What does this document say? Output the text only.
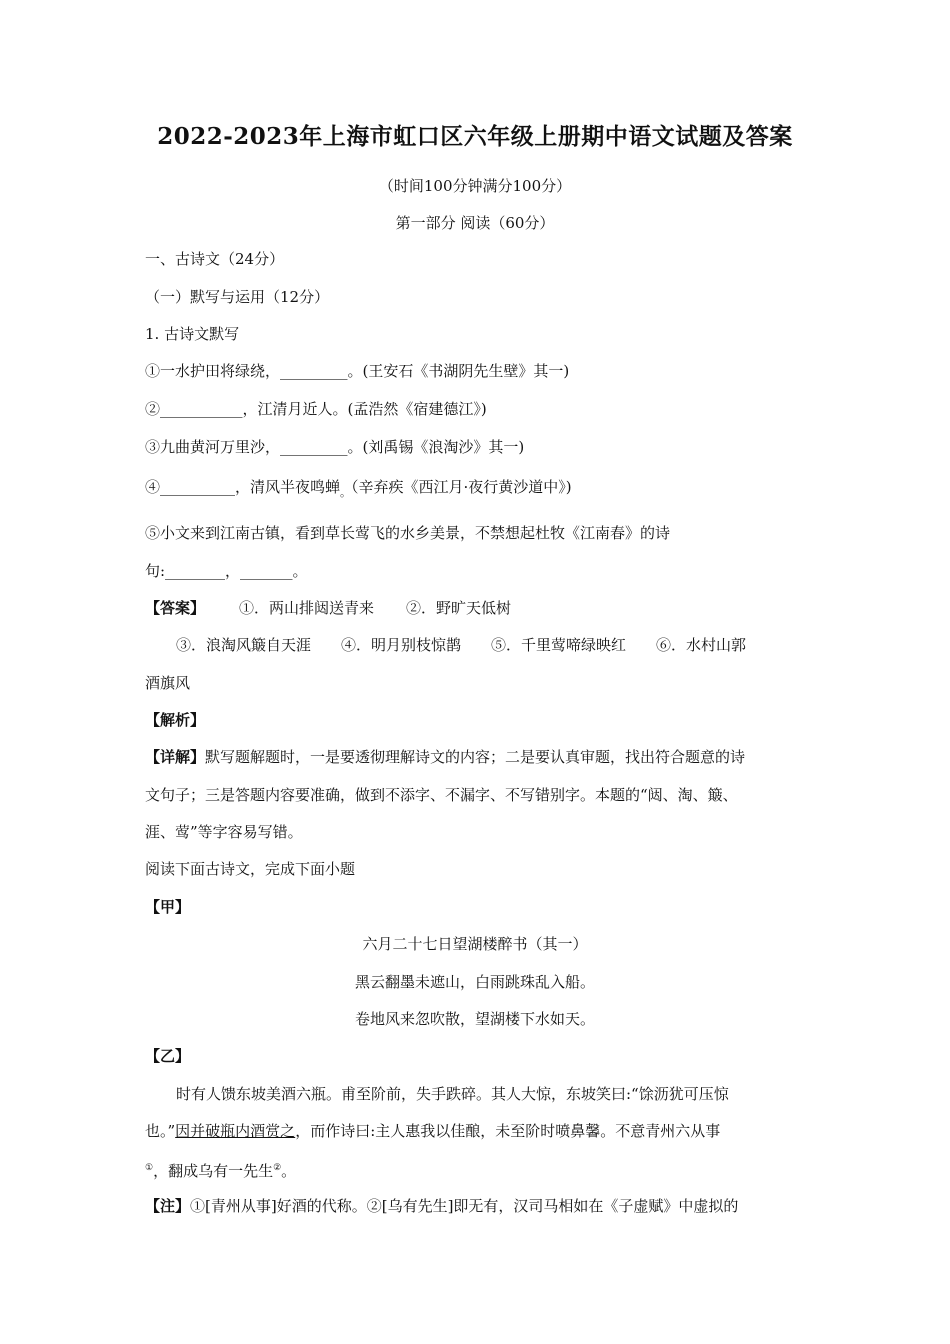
2022-2023年上海市虹口区六年级上册期中语文试题及答案
（时间100分钟满分100分）
第一部分 阅读（60分）
一、古诗文（24分）
（一）默写与运用（12分）
1. 古诗文默写
①一水护田将绿绕，_________。(王安石《书湖阴先生壁》其一)
②___________，江清月近人。(孟浩然《宿建德江》)
③九曲黄河万里沙，_________。(刘禹锡《浪淘沙》其一)
④__________，清风半夜鸣蝉$_。$（辛弃疾《西江月·夜行黄沙道中》)
⑤小文来到江南古镇，看到草长莺飞的水乡美景，不禁想起杜牧《江南春》的诗
句:________，_______。
【答案】 ①．两山排闼送青来 ②．野旷天低树
③．浪淘风簸自天涯 ④．明月别枝惊鹊 ⑤．千里莺啼绿映红 ⑥．水村山郭
酒旗风
【解析】
【详解】默写题解题时，一是要透彻理解诗文的内容；二是要认真审题，找出符合题意的诗
文句子；三是答题内容要准确，做到不添字、不漏字、不写错别字。本题的“闼、淘、簸、
涯、莺”等字容易写错。
阅读下面古诗文，完成下面小题
【甲】
六月二十七日望湖楼醉书（其一）
黑云翻墨未遮山，白雨跳珠乱入船。
卷地风来忽吹散，望湖楼下水如天。
【乙】
时有人馈东坡美酒六瓶。甫至阶前，失手跌碎。其人大惊，东坡笑曰:“馀沥犹可压惊
也。”因并破瓶内酒赏之，而作诗曰:主人惠我以佳酿，未至阶时喷鼻馨。不意青州六从事
①，翻成乌有一先生②。
【注】①[青州从事]好酒的代称。②[乌有先生]即无有，汉司马相如在《子虚赋》中虚拟的
